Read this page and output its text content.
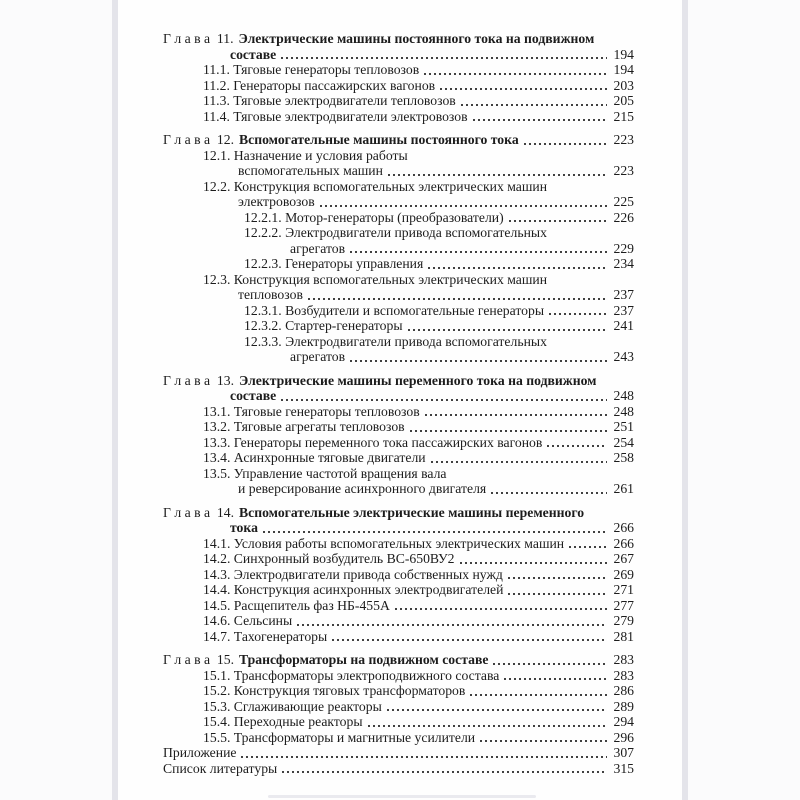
Г л а в а  11. Электрические машины постоянного тока на подвижном
составе	194
11.1. Тяговые генераторы тепловозов	194
11.2. Генераторы пассажирских вагонов	203
11.3. Тяговые электродвигатели тепловозов	205
11.4. Тяговые электродвигатели электровозов	215
Г л а в а  12. Вспомогательные машины постоянного тока	223
12.1. Назначение и условия работы
вспомогательных машин	223
12.2. Конструкция вспомогательных электрических машин
электровозов	225
12.2.1. Мотор-генераторы (преобразователи)	226
12.2.2. Электродвигатели привода вспомогательных
агрегатов	229
12.2.3. Генераторы управления	234
12.3. Конструкция вспомогательных электрических машин
тепловозов	237
12.3.1. Возбудители и вспомогательные генераторы	237
12.3.2. Стартер-генераторы	241
12.3.3. Электродвигатели привода вспомогательных
агрегатов	243
Г л а в а  13. Электрические машины переменного тока на подвижном
составе	248
13.1. Тяговые генераторы тепловозов	248
13.2. Тяговые агрегаты тепловозов	251
13.3. Генераторы переменного тока пассажирских вагонов	254
13.4. Асинхронные тяговые двигатели	258
13.5. Управление частотой вращения вала
и реверсирование асинхронного двигателя	261
Г л а в а  14. Вспомогательные электрические машины переменного
тока	266
14.1. Условия работы вспомогательных электрических машин	266
14.2. Синхронный возбудитель ВС-650ВУ2	267
14.3. Электродвигатели привода собственных нужд	269
14.4. Конструкция асинхронных электродвигателей	271
14.5. Расщепитель фаз НБ-455А	277
14.6. Сельсины	279
14.7. Тахогенераторы	281
Г л а в а  15. Трансформаторы на подвижном составе	283
15.1. Трансформаторы электроподвижного состава	283
15.2. Конструкция тяговых трансформаторов	286
15.3. Сглаживающие реакторы	289
15.4. Переходные реакторы	294
15.5. Трансформаторы и магнитные усилители	296
Приложение	307
Список литературы	315
